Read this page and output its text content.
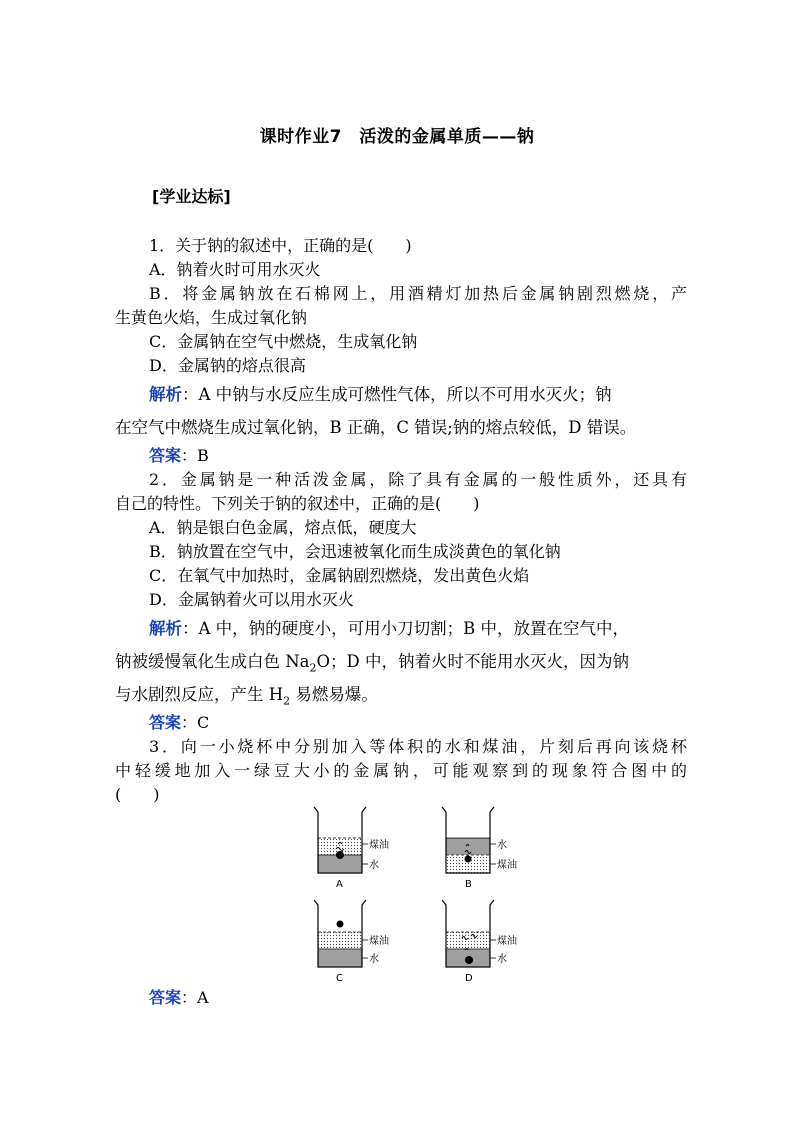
课时作业7　活泼的金属单质——钠
[学业达标]
1．关于钠的叙述中，正确的是(　　)
A．钠着火时可用水灭火
B．将金属钠放在石棉网上，用酒精灯加热后金属钠剧烈燃烧，产
生黄色火焰，生成过氧化钠
C．金属钠在空气中燃烧，生成氧化钠
D．金属钠的熔点很高
解析：A 中钠与水反应生成可燃性气体，所以不可用水灭火；钠
在空气中燃烧生成过氧化钠，B 正确，C 错误;钠的熔点较低，D 错误。
答案：B
2．金属钠是一种活泼金属，除了具有金属的一般性质外，还具有
自己的特性。下列关于钠的叙述中，正确的是(　　)
A．钠是银白色金属，熔点低，硬度大
B．钠放置在空气中，会迅速被氧化而生成淡黄色的氧化钠
C．在氧气中加热时，金属钠剧烈燃烧，发出黄色火焰
D．金属钠着火可以用水灭火
解析：A 中，钠的硬度小，可用小刀切割；B 中，放置在空气中，
钠被缓慢氧化生成白色 $Na_2O$；D 中，钠着火时不能用水灭火，因为钠
与水剧烈反应，产生 $H_2$ 易燃易爆。
答案：C
3．向一小烧杯中分别加入等体积的水和煤油，片刻后再向该烧杯
中轻缓地加入一绿豆大小的金属钠，可能观察到的现象符合图中的
(　　)
煤油
水
A
水
煤油
B
煤油
水
C
煤油
水
D
答案：A
